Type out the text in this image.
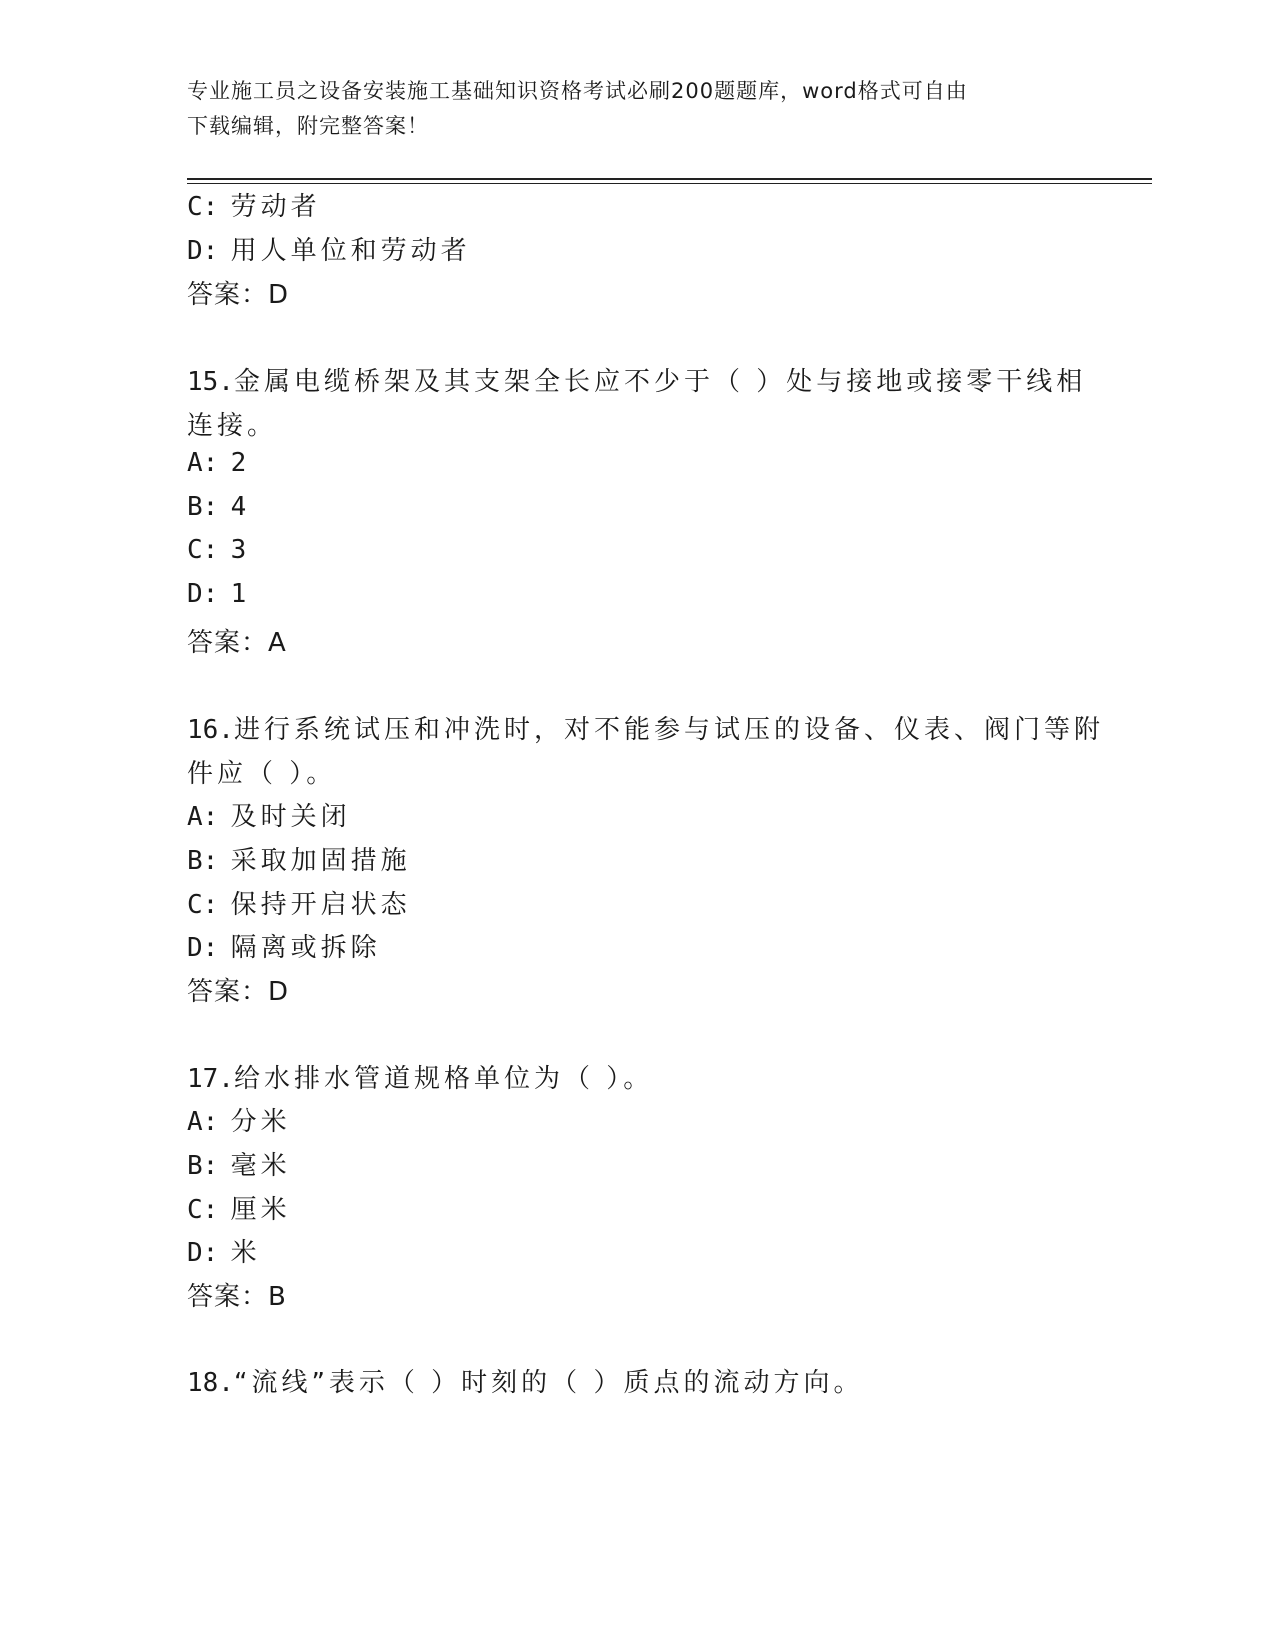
专业施工员之设备安装施工基础知识资格考试必刷200题题库，word格式可自由
下载编辑，附完整答案！
C: 劳动者
D: 用人单位和劳动者
答案：D
15.金属电缆桥架及其支架全长应不少于（ ）处与接地或接零干线相
连接。
A: 2
B: 4
C: 3
D: 1
答案：A
16.进行系统试压和冲洗时，对不能参与试压的设备、仪表、阀门等附
件应（ ）。
A: 及时关闭
B: 采取加固措施
C: 保持开启状态
D: 隔离或拆除
答案：D
17.给水排水管道规格单位为（ ）。
A: 分米
B: 毫米
C: 厘米
D: 米
答案：B
18.“流线”表示（ ）时刻的（ ）质点的流动方向。
